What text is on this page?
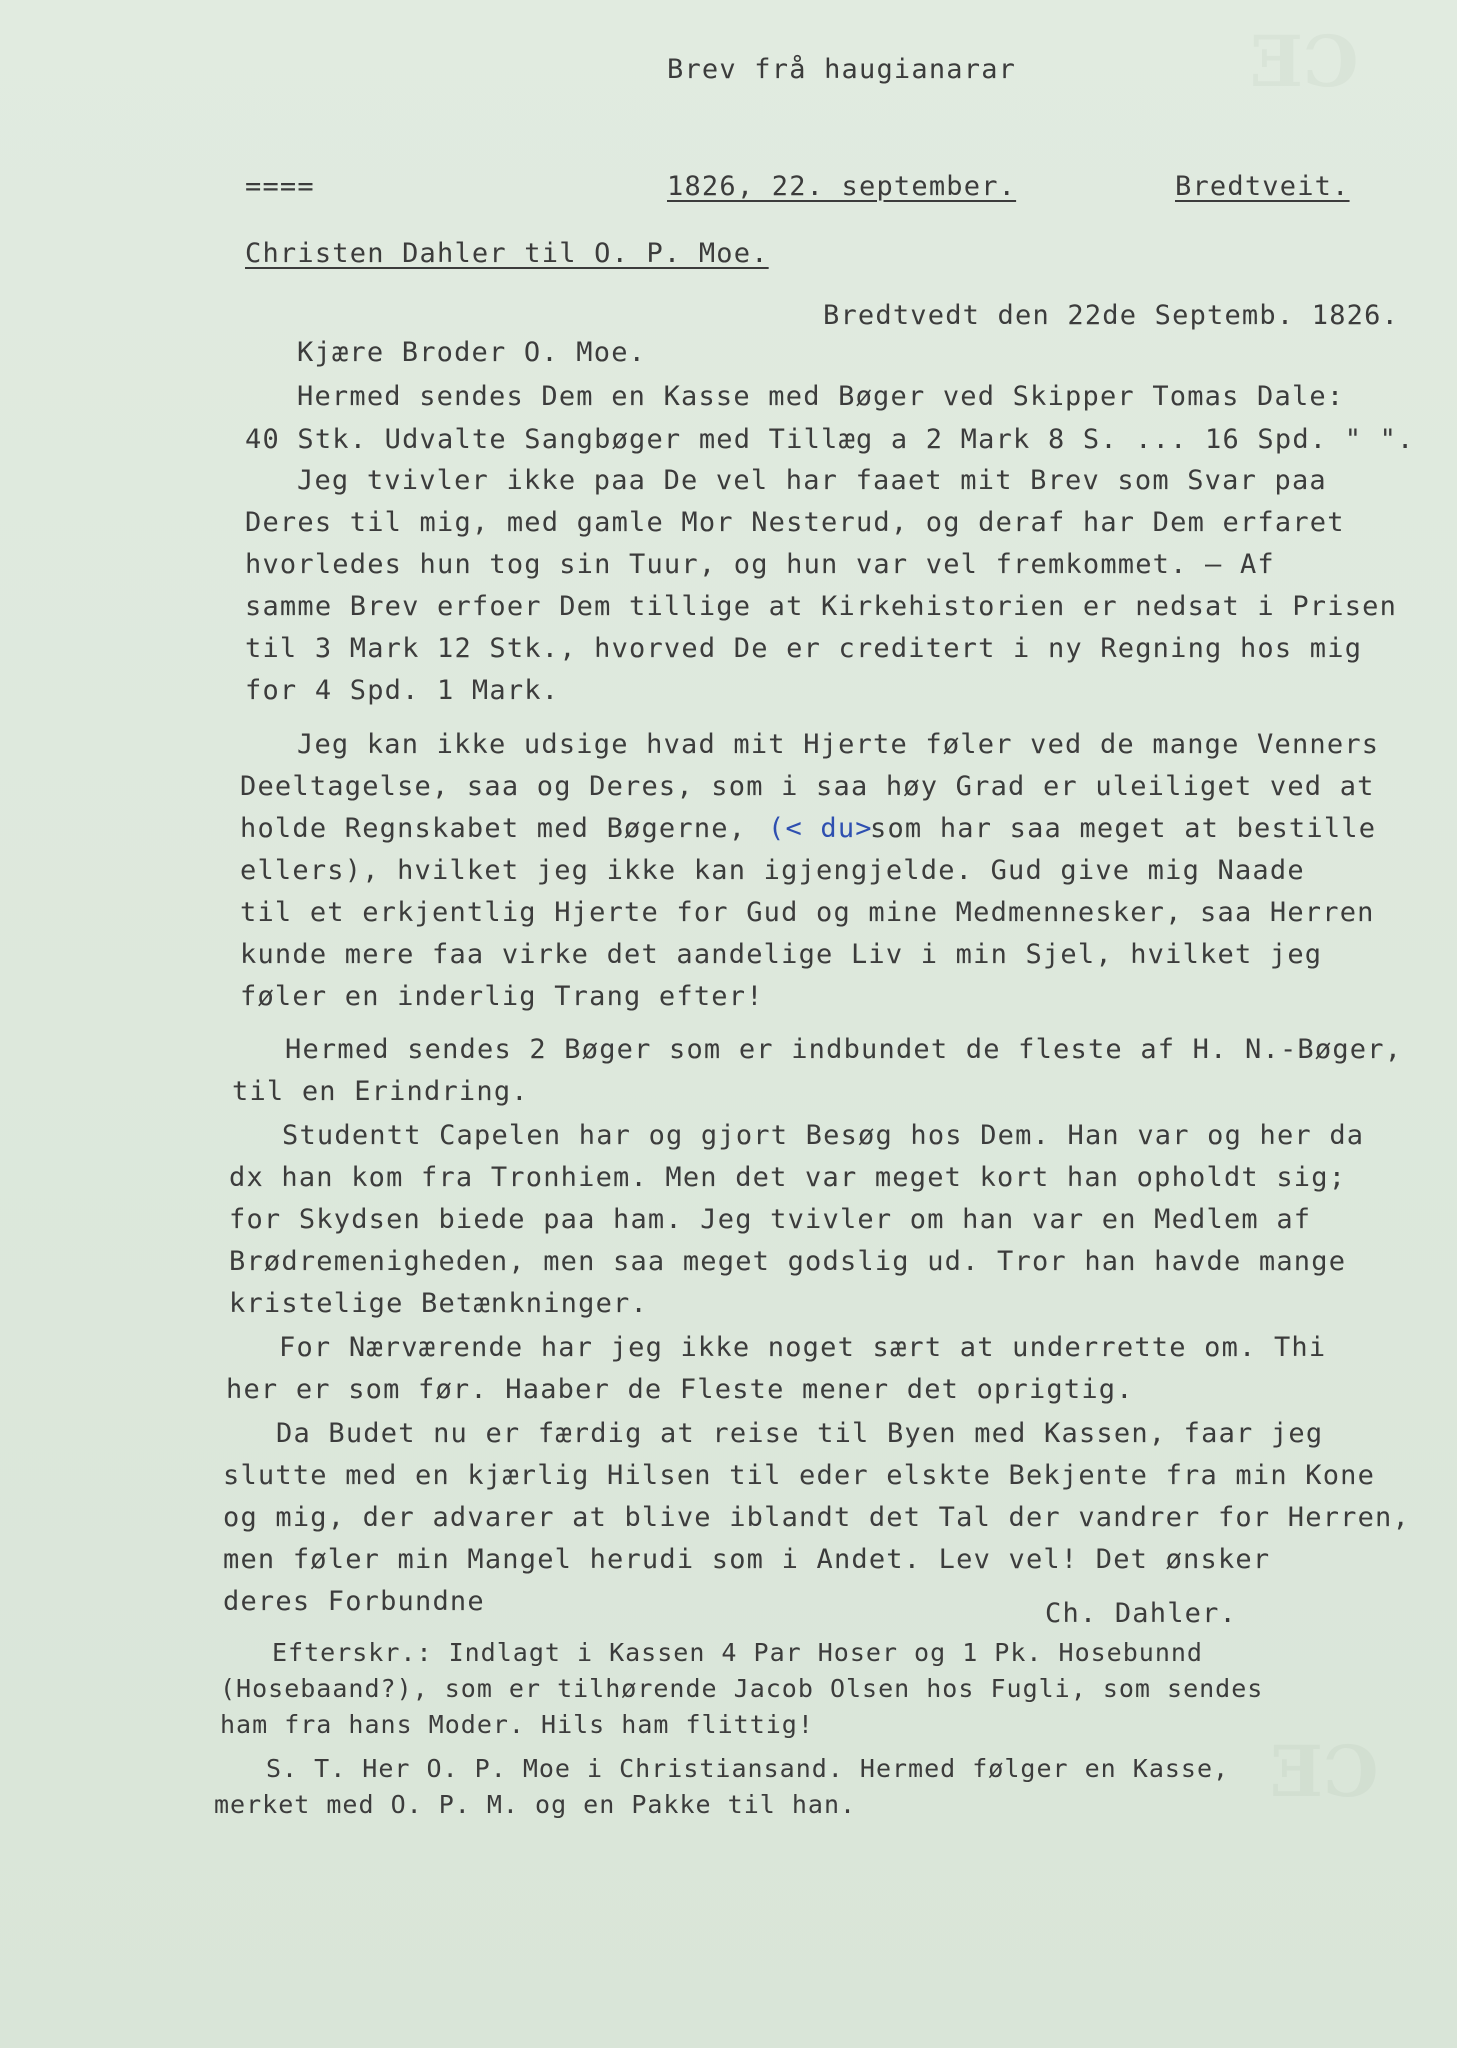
ƎƆ
ƎƆ
Brev frå haugianarar
====	1826, 22. september.	Bredtveit.
Christen Dahler til O. P. Moe.
Bredtvedt den 22de Septemb. 1826.
Kjære Broder O. Moe.
Hermed sendes Dem en Kasse med Bøger ved Skipper Tomas Dale:
40 Stk. Udvalte Sangbøger med Tillæg a 2 Mark 8 S. ... 16 Spd. " ".
Jeg tvivler ikke paa De vel har faaet mit Brev som Svar paa
Deres til mig, med gamle Mor Nesterud, og deraf har Dem erfaret
hvorledes hun tog sin Tuur, og hun var vel fremkommet. — Af
samme Brev erfoer Dem tillige at Kirkehistorien er nedsat i Prisen
til 3 Mark 12 Stk., hvorved De er creditert i ny Regning hos mig
for 4 Spd. 1 Mark.
Jeg kan ikke udsige hvad mit Hjerte føler ved de mange Venners
Deeltagelse, saa og Deres, som i saa høy Grad er uleiliget ved at
holde Regnskabet med Bøgerne, (< du>
som har saa meget at bestille
ellers), hvilket jeg ikke kan igjengjelde. Gud give mig Naade
til et erkjentlig Hjerte for Gud og mine Medmennesker, saa Herren
kunde mere faa virke det aandelige Liv i min Sjel, hvilket jeg
føler en inderlig Trang efter!
Hermed sendes 2 Bøger som er indbundet de fleste af H. N.-Bøger,
til en Erindring.
Studentt Capelen har og gjort Besøg hos Dem. Han var og her da
dx han kom fra Tronhiem. Men det var meget kort han opholdt sig;
for Skydsen biede paa ham. Jeg tvivler om han var en Medlem af
Brødremenigheden, men saa meget godslig ud. Tror han havde mange
kristelige Betænkninger.
For Nærværende har jeg ikke noget sært at underrette om. Thi
her er som før. Haaber de Fleste mener det oprigtig.
Da Budet nu er færdig at reise til Byen med Kassen, faar jeg
slutte med en kjærlig Hilsen til eder elskte Bekjente fra min Kone
og mig, der advarer at blive iblandt det Tal der vandrer for Herren,
men føler min Mangel herudi som i Andet. Lev vel! Det ønsker
deres Forbundne	Ch. Dahler.
Efterskr.: Indlagt i Kassen 4 Par Hoser og 1 Pk. Hosebunnd
(Hosebaand?), som er tilhørende Jacob Olsen hos Fugli, som sendes
ham fra hans Moder. Hils ham flittig!
S. T. Her O. P. Moe i Christiansand. Hermed følger en Kasse,
merket med O. P. M. og en Pakke til han.
